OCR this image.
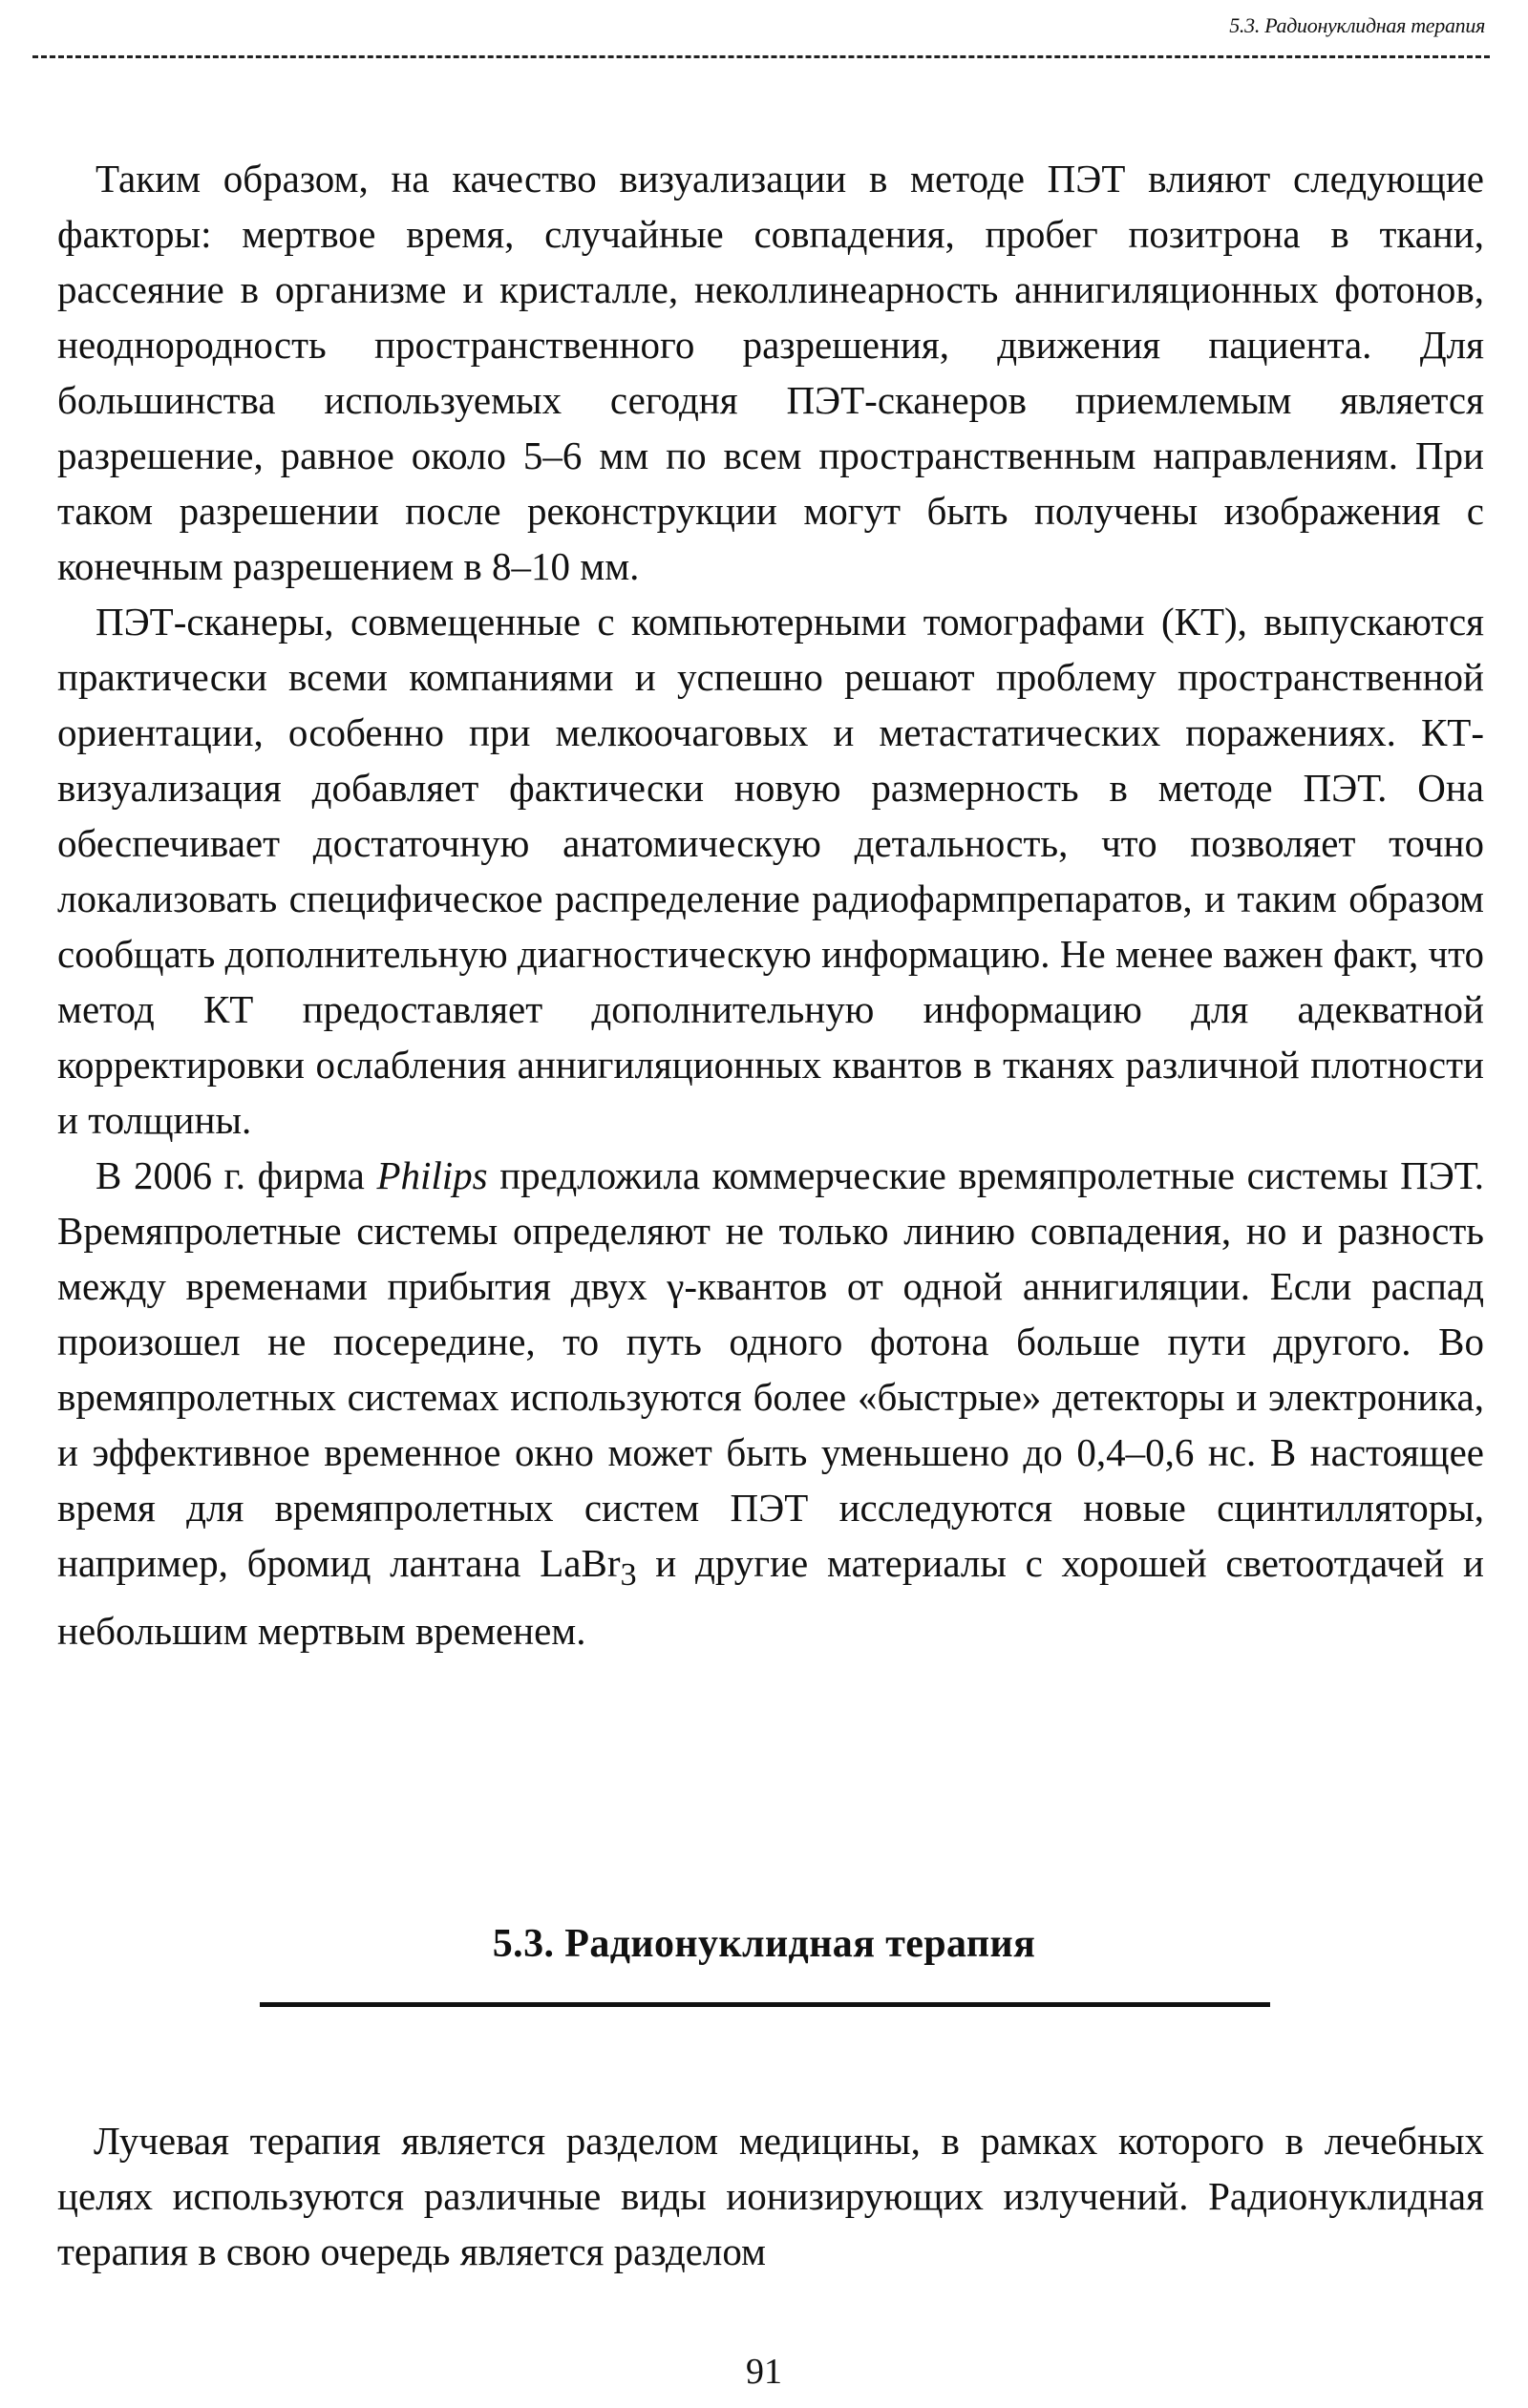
5.3. Радионуклидная терапия

Таким образом, на качество визуализации в методе ПЭТ влияют следующие факторы: мертвое время, случайные совпадения, пробег позитрона в ткани, рассеяние в организме и кристалле, неколлинеарность аннигиляционных фотонов, неоднородность пространственного разрешения, движения пациента. Для большинства используемых сегодня ПЭТ-сканеров приемлемым является разрешение, равное около 5–6 мм по всем пространственным направлениям. При таком разрешении после реконструкции могут быть получены изображения с конечным разрешением в 8–10 мм.

ПЭТ-сканеры, совмещенные с компьютерными томографами (КТ), выпускаются практически всеми компаниями и успешно решают проблему пространственной ориентации, особенно при мелкоочаговых и метастатических поражениях. КТ-визуализация добавляет фактически новую размерность в методе ПЭТ. Она обеспечивает достаточную анатомическую детальность, что позволяет точно локализовать специфическое распределение радиофармпрепаратов, и таким образом сообщать дополнительную диагностическую информацию. Не менее важен факт, что метод КТ предоставляет дополнительную информацию для адекватной корректировки ослабления аннигиляционных квантов в тканях различной плотности и толщины.

В 2006 г. фирма Philips предложила коммерческие времяпролетные системы ПЭТ. Времяпролетные системы определяют не только линию совпадения, но и разность между временами прибытия двух γ-квантов от одной аннигиляции. Если распад произошел не посередине, то путь одного фотона больше пути другого. Во времяпролетных системах используются более «быстрые» детекторы и электроника, и эффективное временное окно может быть уменьшено до 0,4–0,6 нс. В настоящее время для времяпролетных систем ПЭТ исследуются новые сцинтилляторы, например, бромид лантана LaBr$_3$ и другие материалы с хорошей светоотдачей и небольшим мертвым временем.

5.3. Радионуклидная терапия

Лучевая терапия является разделом медицины, в рамках которого в лечебных целях используются различные виды ионизирующих излучений. Радионуклидная терапия в свою очередь является разделом

91
